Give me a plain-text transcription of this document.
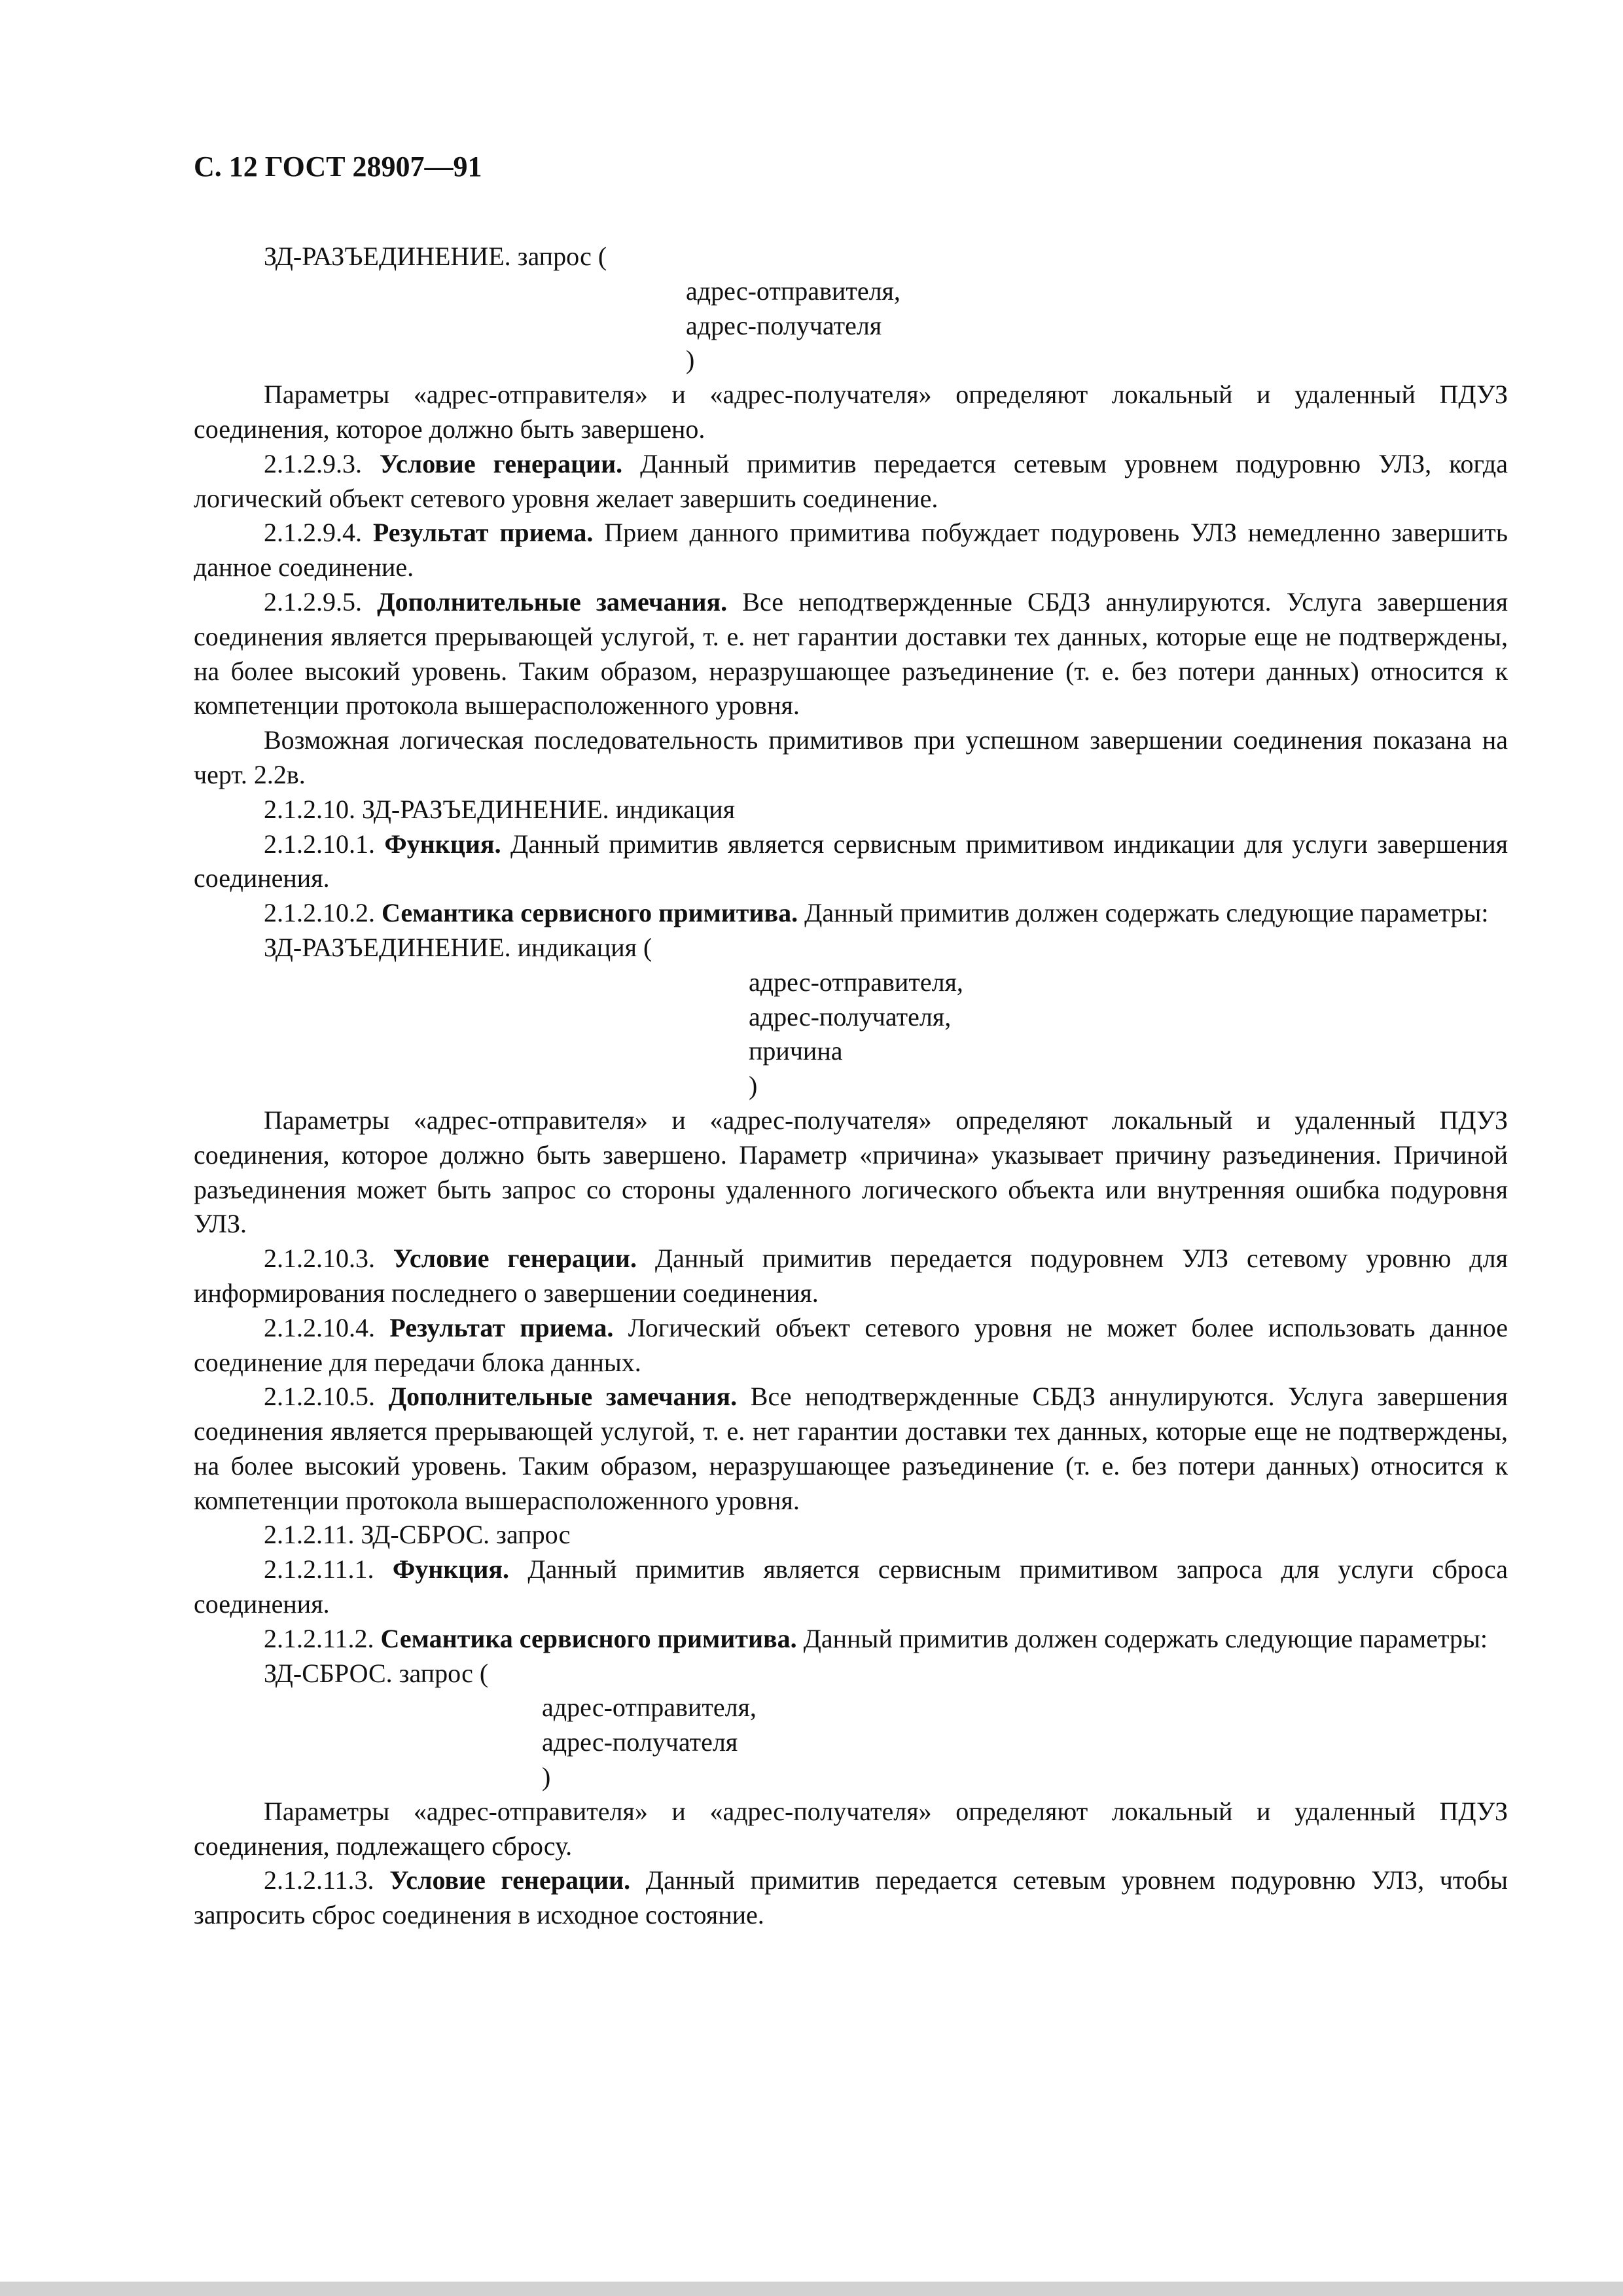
С. 12 ГОСТ 28907—91

ЗД-РАЗЪЕДИНЕНИЕ. запрос (

адрес-отправителя,

адрес-получателя

)

Параметры «адрес-отправителя» и «адрес-получателя» определяют локальный и удаленный ПДУЗ соединения, которое должно быть завершено.

2.1.2.9.3. Условие генерации. Данный примитив передается сетевым уровнем подуровню УЛЗ, когда логический объект сетевого уровня желает завершить соединение.

2.1.2.9.4. Результат приема. Прием данного примитива побуждает подуровень УЛЗ немедленно завершить данное соединение.

2.1.2.9.5. Дополнительные замечания. Все неподтвержденные СБДЗ аннулируются. Услуга завершения соединения является прерывающей услугой, т. е. нет гарантии доставки тех данных, которые еще не подтверждены, на более высокий уровень. Таким образом, неразрушающее разъединение (т. е. без потери данных) относится к компетенции протокола вышерасположенного уровня.

Возможная логическая последовательность примитивов при успешном завершении соединения показана на черт. 2.2в.

2.1.2.10. ЗД-РАЗЪЕДИНЕНИЕ. индикация

2.1.2.10.1. Функция. Данный примитив является сервисным примитивом индикации для услуги завершения соединения.

2.1.2.10.2. Семантика сервисного примитива. Данный примитив должен содержать следующие параметры:

ЗД-РАЗЪЕДИНЕНИЕ. индикация (

адрес-отправителя,

адрес-получателя,

причина

)

Параметры «адрес-отправителя» и «адрес-получателя» определяют локальный и удаленный ПДУЗ соединения, которое должно быть завершено. Параметр «причина» указывает причину разъединения. Причиной разъединения может быть запрос со стороны удаленного логического объекта или внутренняя ошибка подуровня УЛЗ.

2.1.2.10.3. Условие генерации. Данный примитив передается подуровнем УЛЗ сетевому уровню для информирования последнего о завершении соединения.

2.1.2.10.4. Результат приема. Логический объект сетевого уровня не может более использовать данное соединение для передачи блока данных.

2.1.2.10.5. Дополнительные замечания. Все неподтвержденные СБДЗ аннулируются. Услуга завершения соединения является прерывающей услугой, т. е. нет гарантии доставки тех данных, которые еще не подтверждены, на более высокий уровень. Таким образом, неразрушающее разъединение (т. е. без потери данных) относится к компетенции протокола вышерасположенного уровня.

2.1.2.11. ЗД-СБРОС. запрос

2.1.2.11.1. Функция. Данный примитив является сервисным примитивом запроса для услуги сброса соединения.

2.1.2.11.2. Семантика сервисного примитива. Данный примитив должен содержать следующие параметры:

ЗД-СБРОС. запрос (

адрес-отправителя,

адрес-получателя

)

Параметры «адрес-отправителя» и «адрес-получателя» определяют локальный и удаленный ПДУЗ соединения, подлежащего сбросу.

2.1.2.11.3. Условие генерации. Данный примитив передается сетевым уровнем подуровню УЛЗ, чтобы запросить сброс соединения в исходное состояние.
